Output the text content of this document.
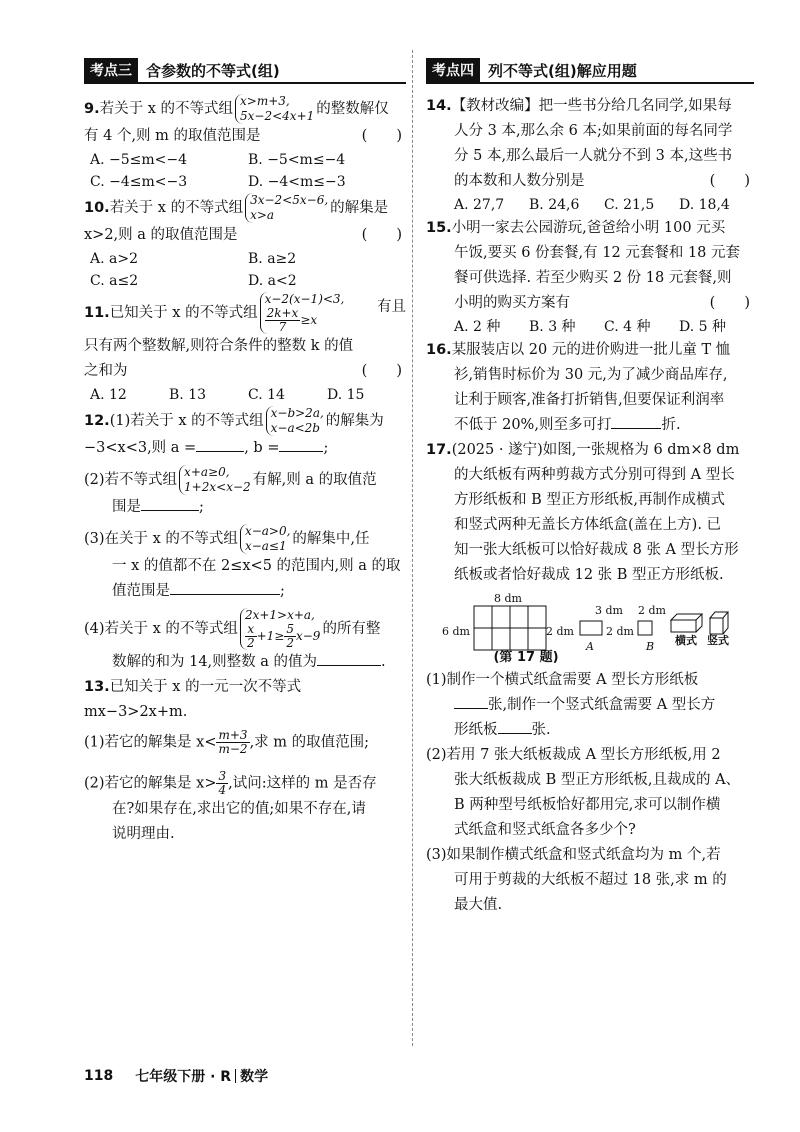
考点三 含参数的不等式(组)

9.若关于 x 的不等式组 x>m+3,
5x−2<4x+1 的整数解仅

有 4 个,则 m 的取值范围是	(　　)

A. −5≤m<−4	B. −5<m≤−4
C. −4≤m<−3	D. −4<m≤−3

10.若关于 x 的不等式组 3x−2<5x−6,
x>a	的解集是

x>2,则 a 的取值范围是	(　　)

A. a>2	B. a≥2
C. a≤2	D. a<2

11.已知关于 x 的不等式组x−2(x−1)<3,

$\frac{2k+x}{7} \ge x$
有且

只有两个整数解,则符合条件的整数 k 的值

之和为	(　　)

A. 12	B. 13	C. 14	D. 15

12.(1)若关于 x 的不等式组 x−b>2a,
x−a<2b 的解集为

−3<x<3,则 a =	, b =	;

(2)若不等式组 x+a≥0,
1+2x<x−2 有解,则 a 的取值范

围是	;

(3)在关于 x 的不等式组 x−a>0,
x−a≤1 的解集中,任

一 x 的值都不在 2≤x<5 的范围内,则 a 的取

值范围是	;

(4)若关于 x 的不等式组2x+1>x+a,

$\frac{x}{2} +1\ge \frac{5}{2} x-9$ 的所有整

数解的和为 14,则整数 a 的值为	.

13.已知关于 x 的一元一次不等式 mx−3>2x+m.

(1)若它的解集是 $x< \frac{m+3}{m-2}$ ,求 m 的取值范围;

(2)若它的解集是 $x> \frac{3}{4}$ ,试问:这样的 m 是否存

在?如果存在,求出它的值;如果不存在,请

说明理由.

考点四 列不等式(组)解应用题

14.【教材改编】把一些书分给几名同学,如果每

人分 3 本,那么余 6 本;如果前面的每名同学

分 5 本,那么最后一人就分不到 3 本,这些书

的本数和人数分别是	(　　)

A. 27,7	B. 24,6	C. 21,5	D. 18,4

15.小明一家去公园游玩,爸爸给小明 100 元买

午饭,要买 6 份套餐,有 12 元套餐和 18 元套

餐可供选择. 若至少购买 2 份 18 元套餐,则

小明的购买方案有	(　　)

A. 2 种	B. 3 种	C. 4 种	D. 5 种

16.某服装店以 20 元的进价购进一批儿童 T 恤

衫,销售时标价为 30 元,为了减少商品库存,

让利于顾客,准备打折销售,但要保证利润率

不低于 20%,则至多可打	折.

17.(2025 · 遂宁)如图,一张规格为 6 dm×8 dm

的大纸板有两种剪裁方式分别可得到 A 型长

方形纸板和 B 型正方形纸板,再制作成横式

和竖式两种无盖长方体纸盒(盖在上方). 已

知一张大纸板可以恰好裁成 8 张 A 型长方形

纸板或者恰好裁成 12 张 B 型正方形纸板.

8 dm
6 dm
3 dm
2 dm
A
2 dm
2 dm
B 横式 竖式
(第 17 题)

(1)制作一个横式纸盒需要 A 型长方形纸板

张,制作一个竖式纸盒需要 A 型长方

形纸板 张.

(2)若用 7 张大纸板裁成 A 型长方形纸板,用 2

张大纸板裁成 B 型正方形纸板,且裁成的 A、

B 两种型号纸板恰好都用完,求可以制作横

式纸盒和竖式纸盒各多少个?

(3)如果制作横式纸盒和竖式纸盒均为 m 个,若

可用于剪裁的大纸板不超过 18 张,求 m 的

最大值.

118 七年级下册 · R 数学
